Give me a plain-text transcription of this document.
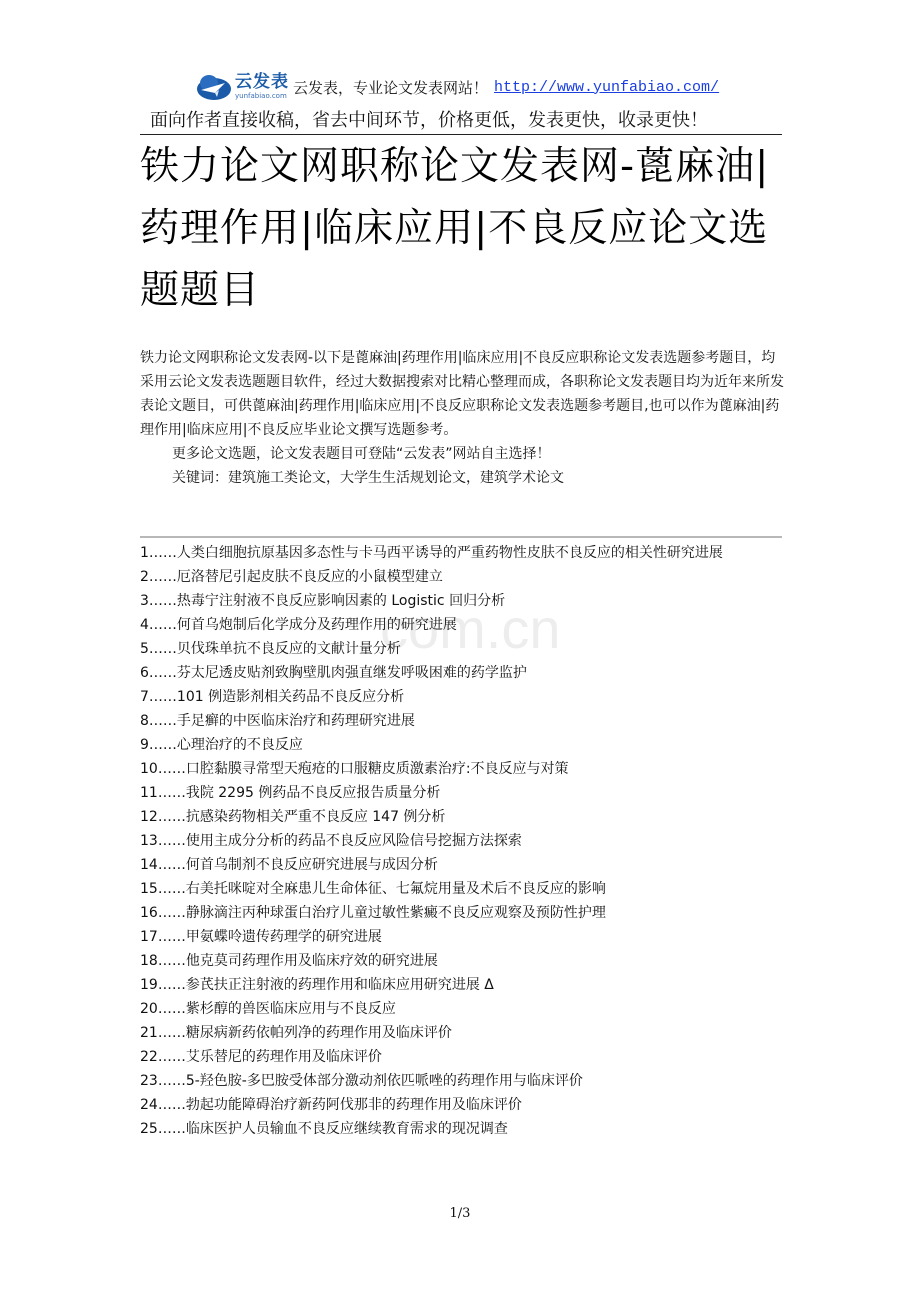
云发表
yunfabiao.com 云发表，专业论文发表网站！ http://www.yunfabiao.com/
面向作者直接收稿，省去中间环节，价格更低，发表更快，收录更快！
铁力论文网职称论文发表网-蓖麻油|药理作用|临床应用|不良反应论文选题题目

铁力论文网职称论文发表网-以下是蓖麻油|药理作用|临床应用|不良反应职称论文发表选题参考题目，均采用云论文发表选题题目软件，经过大数据搜索对比精心整理而成，各职称论文发表题目均为近年来所发表论文题目，可供蓖麻油|药理作用|临床应用|不良反应职称论文发表选题参考题目,也可以作为蓖麻油|药理作用|临床应用|不良反应毕业论文撰写选题参考。

更多论文选题，论文发表题目可登陆“云发表”网站自主选择！

关键词：建筑施工类论文，大学生生活规划论文，建筑学术论文

com.cn
1……人类白细胞抗原基因多态性与卡马西平诱导的严重药物性皮肤不良反应的相关性研究进展
2……厄洛替尼引起皮肤不良反应的小鼠模型建立
3……热毒宁注射液不良反应影响因素的 Logistic 回归分析
4……何首乌炮制后化学成分及药理作用的研究进展
5……贝伐珠单抗不良反应的文献计量分析
6……芬太尼透皮贴剂致胸壁肌肉强直继发呼吸困难的药学监护
7……101 例造影剂相关药品不良反应分析
8……手足癣的中医临床治疗和药理研究进展
9……心理治疗的不良反应
10……口腔黏膜寻常型天疱疮的口服糖皮质激素治疗:不良反应与对策
11……我院 2295 例药品不良反应报告质量分析
12……抗感染药物相关严重不良反应 147 例分析
13……使用主成分分析的药品不良反应风险信号挖掘方法探索
14……何首乌制剂不良反应研究进展与成因分析
15……右美托咪啶对全麻患儿生命体征、七氟烷用量及术后不良反应的影响
16……静脉滴注丙种球蛋白治疗儿童过敏性紫癜不良反应观察及预防性护理
17……甲氨蝶呤遗传药理学的研究进展
18……他克莫司药理作用及临床疗效的研究进展
19……参芪扶正注射液的药理作用和临床应用研究进展 Δ
20……紫杉醇的兽医临床应用与不良反应
21……糖尿病新药依帕列净的药理作用及临床评价
22……艾乐替尼的药理作用及临床评价
23……5-羟色胺-多巴胺受体部分激动剂依匹哌唑的药理作用与临床评价
24……勃起功能障碍治疗新药阿伐那非的药理作用及临床评价
25……临床医护人员输血不良反应继续教育需求的现况调查
1/3
